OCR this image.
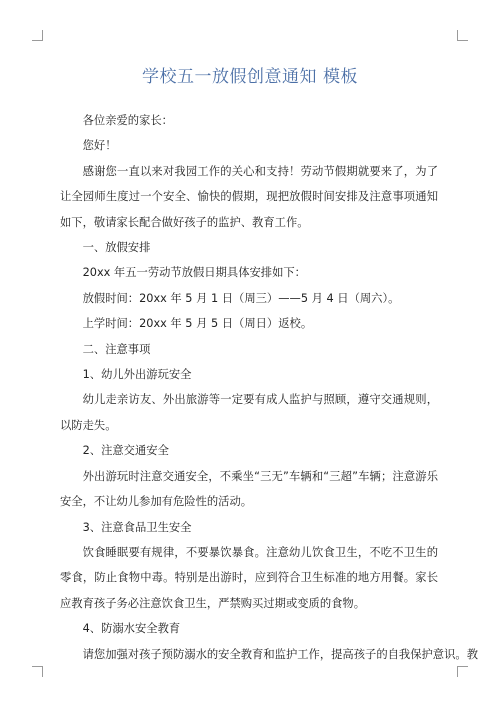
学校五一放假创意通知 模板

各位亲爱的家长：

您好！

感谢您一直以来对我园工作的关心和支持！劳动节假期就要来了，为了让全园师生度过一个安全、愉快的假期，现把放假时间安排及注意事项通知如下，敬请家长配合做好孩子的监护、教育工作。

一、放假安排

20xx 年五一劳动节放假日期具体安排如下：

放假时间：20xx 年 5 月 1 日（周三）——5 月 4 日（周六）。

上学时间：20xx 年 5 月 5 日（周日）返校。

二、注意事项

1、幼儿外出游玩安全

幼儿走亲访友、外出旅游等一定要有成人监护与照顾，遵守交通规则，以防走失。

2、注意交通安全

外出游玩时注意交通安全，不乘坐“三无”车辆和“三超”车辆；注意游乐安全，不让幼儿参加有危险性的活动。

3、注意食品卫生安全

饮食睡眠要有规律，不要暴饮暴食。注意幼儿饮食卫生，不吃不卫生的零食，防止食物中毒。特别是出游时，应到符合卫生标准的地方用餐。家长应教育孩子务必注意饮食卫生，严禁购买过期或变质的食物。

4、防溺水安全教育

请您加强对孩子预防溺水的安全教育和监护工作，提高孩子的自我保护意识。教
